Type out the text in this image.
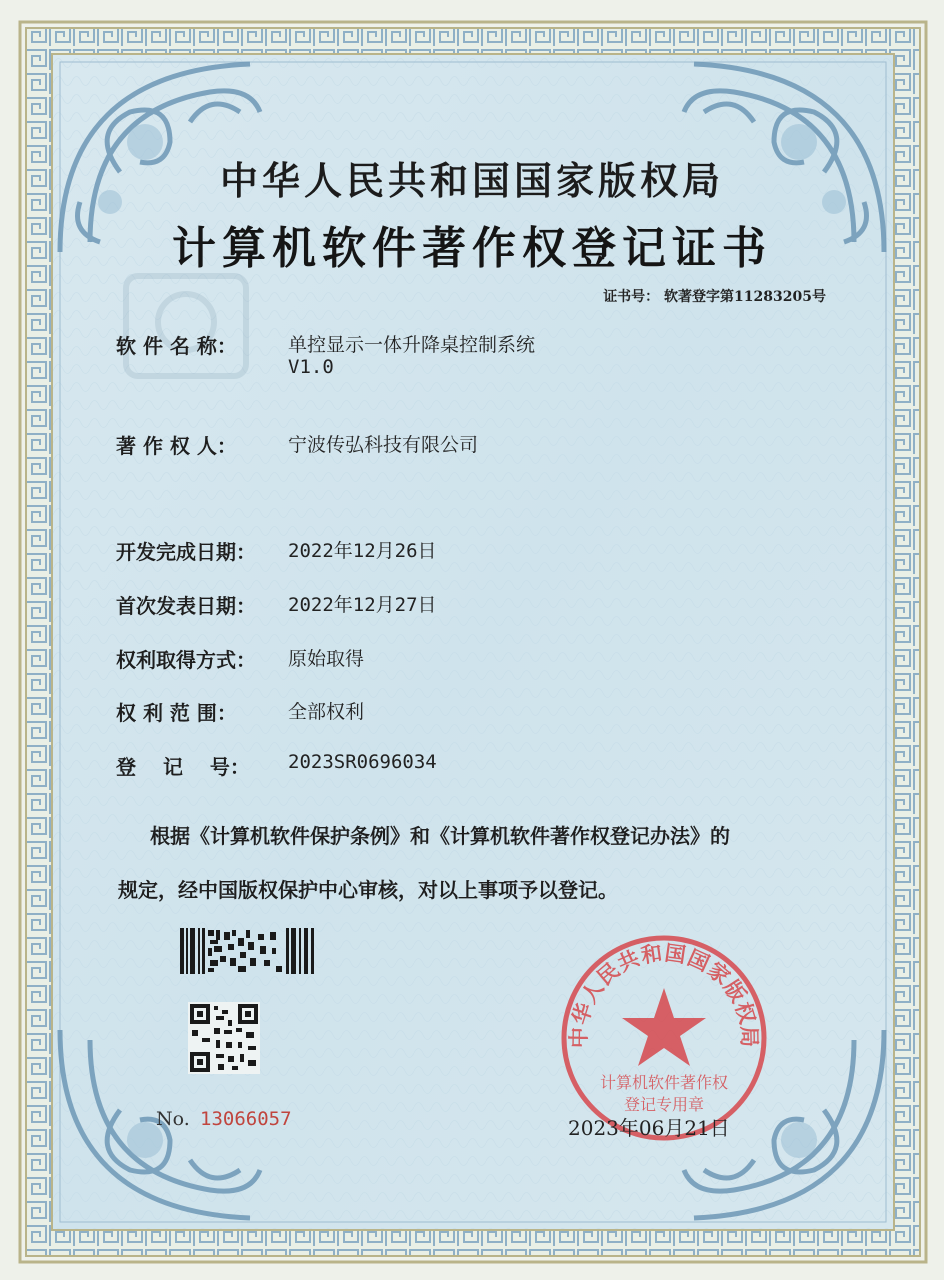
中华人民共和国国家版权局
计算机软件著作权登记证书
证书号： 软著登字第11283205号
软 件 名 称：	单控显示一体升降桌控制系统
V1.0
著 作 权 人：	宁波传弘科技有限公司
开发完成日期： 2022年12月26日
首次发表日期： 2022年12月27日
权利取得方式： 原始取得
权 利 范 围：	全部权利
登　 记　 号： 2023SR0696034
根据《计算机软件保护条例》和《计算机软件著作权登记办法》的
规定，经中国版权保护中心审核，对以上事项予以登记。
No. 13066057
中华人民共和国国家版权局
计算机软件著作权
登记专用章
2023年06月21日
